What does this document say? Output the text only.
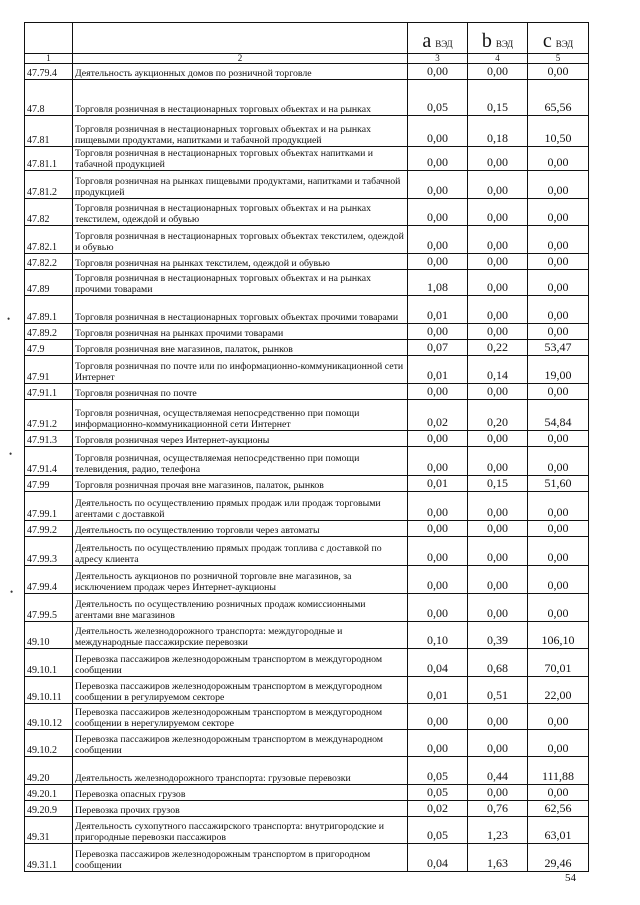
		a ВЭД	b ВЭД	c ВЭД
1	2	3	4	5
47.79.4	Деятельность аукционных домов по розничной торговле	0,00	0,00	0,00
47.8	Торговля розничная в нестационарных торговых объектах и на рынках	0,05	0,15	65,56
47.81	Торговля розничная в нестационарных торговых объектах и на рынках пищевыми продуктами, напитками и табачной продукцией	0,00	0,18	10,50
47.81.1	Торговля розничная в нестационарных торговых объектах напитками и табачной продукцией	0,00	0,00	0,00
47.81.2	Торговля розничная на рынках пищевыми продуктами, напитками и табачной продукцией	0,00	0,00	0,00
47.82	Торговля розничная в нестационарных торговых объектах и на рынках текстилем, одеждой и обувью	0,00	0,00	0,00
47.82.1	Торговля розничная в нестационарных торговых объектах текстилем, одеждой и обувью	0,00	0,00	0,00
47.82.2	Торговля розничная на рынках текстилем, одеждой и обувью	0,00	0,00	0,00
47.89	Торговля розничная в нестационарных торговых объектах и на рынках прочими товарами	1,08	0,00	0,00
47.89.1	Торговля розничная в нестационарных торговых объектах прочими товарами	0,01	0,00	0,00
47.89.2	Торговля розничная на рынках прочими товарами	0,00	0,00	0,00
47.9	Торговля розничная вне магазинов, палаток, рынков	0,07	0,22	53,47
47.91	Торговля розничная по почте или по информационно-коммуникационной сети Интернет	0,01	0,14	19,00
47.91.1	Торговля розничная по почте	0,00	0,00	0,00
47.91.2	Торговля розничная, осуществляемая непосредственно при помощи информационно-коммуникационной сети Интернет	0,02	0,20	54,84
47.91.3	Торговля розничная через Интернет-аукционы	0,00	0,00	0,00
47.91.4	Торговля розничная, осуществляемая непосредственно при помощи телевидения, радио, телефона	0,00	0,00	0,00
47.99	Торговля розничная прочая вне магазинов, палаток, рынков	0,01	0,15	51,60
47.99.1	Деятельность по осуществлению прямых продаж или продаж торговыми агентами с доставкой	0,00	0,00	0,00
47.99.2	Деятельность по осуществлению торговли через автоматы	0,00	0,00	0,00
47.99.3	Деятельность по осуществлению прямых продаж топлива с доставкой по адресу клиента	0,00	0,00	0,00
47.99.4	Деятельность аукционов по розничной торговле вне магазинов, за исключением продаж через Интернет-аукционы	0,00	0,00	0,00
47.99.5	Деятельность по осуществлению розничных продаж комиссионными агентами вне магазинов	0,00	0,00	0,00
49.10	Деятельность железнодорожного транспорта: междугородные и международные пассажирские перевозки	0,10	0,39	106,10
49.10.1	Перевозка пассажиров железнодорожным транспортом в междугородном сообщении	0,04	0,68	70,01
49.10.11	Перевозка пассажиров железнодорожным транспортом в междугородном сообщении в регулируемом секторе	0,01	0,51	22,00
49.10.12	Перевозка пассажиров железнодорожным транспортом в междугородном сообщении в нерегулируемом секторе	0,00	0,00	0,00
49.10.2	Перевозка пассажиров железнодорожным транспортом в международном сообщении	0,00	0,00	0,00
49.20	Деятельность железнодорожного транспорта: грузовые перевозки	0,05	0,44	111,88
49.20.1	Перевозка опасных грузов	0,05	0,00	0,00
49.20.9	Перевозка прочих грузов	0,02	0,76	62,56
49.31	Деятельность сухопутного пассажирского транспорта: внутригородские и пригородные перевозки пассажиров	0,05	1,23	63,01
49.31.1	Перевозка пассажиров железнодорожным транспортом в пригородном сообщении	0,04	1,63	29,46
•
•
•
54
